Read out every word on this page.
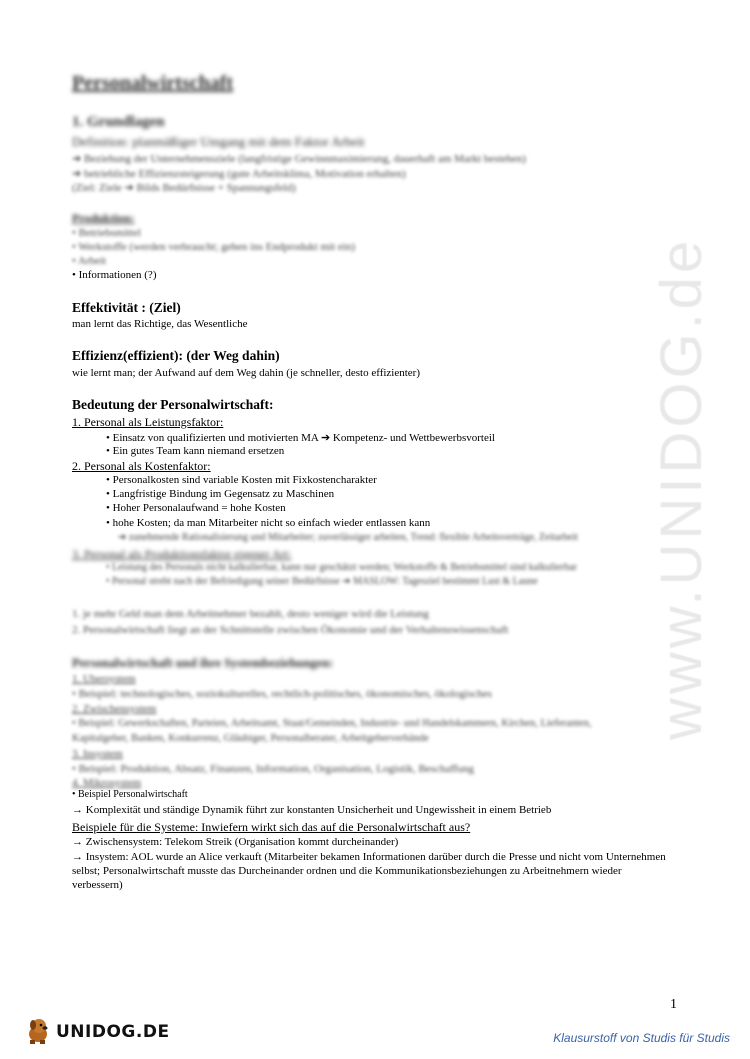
www.UNIDOG.de
Personalwirtschaft
1. Grundlagen
Definition: planmäßiger Umgang mit dem Faktor Arbeit
➔ Beziehung der Unternehmensziele (langfristige Gewinnmaximierung, dauerhaft am Markt bestehen)
➔ betriebliche Effizienzsteigerung (gute Arbeitsklima, Motivation erhalten)
(Ziel: Ziele ➔ Bilds Bedürfnisse + Spannungsfeld)
Produktion:
• Betriebsmittel
• Werkstoffe (werden verbraucht; gehen ins Endprodukt mit ein)
• Arbeit
• Informationen (?)
Effektivität : (Ziel)
man lernt das Richtige, das Wesentliche
Effizienz(effizient): (der Weg dahin)
wie lernt man; der Aufwand auf dem Weg dahin (je schneller, desto effizienter)
Bedeutung der Personalwirtschaft:
1. Personal als Leistungsfaktor:
• Einsatz von qualifizierten und motivierten MA ➔ Kompetenz- und Wettbewerbsvorteil
• Ein gutes Team kann niemand ersetzen
2. Personal als Kostenfaktor:
• Personalkosten sind variable Kosten mit Fixkostencharakter
• Langfristige Bindung im Gegensatz zu Maschinen
• Hoher Personalaufwand = hohe Kosten
• hohe Kosten; da man Mitarbeiter nicht so einfach wieder entlassen kann
➔ zunehmende Rationalisierung und Mitarbeiter; zuverlässiger arbeiten, Trend: flexible Arbeitsverträge, Zeitarbeit
3. Personal als Produktionsfaktor eigener Art:
• Leistung des Personals nicht kalkulierbar, kann nur geschätzt werden; Werkstoffe & Betriebsmittel sind kalkulierbar
• Personal strebt nach der Befriedigung seiner Bedürfnisse ➔ MASLOW: Tagesziel bestimmt Lust & Laune
1. je mehr Geld man dem Arbeitnehmer bezahlt, desto weniger wird die Leistung
2. Personalwirtschaft liegt an der Schnittstelle zwischen Ökonomie und der Verhaltenswissenschaft
Personalwirtschaft und ihre Systembeziehungen:
1. Ubersystem
• Beispiel: technologisches, soziokulturelles, rechtlich-politisches, ökonomisches, ökologisches
2. Zwischensystem
• Beispiel: Gewerkschaften, Parteien, Arbeitsamt, Staat/Gemeinden, Industrie- und Handelskammern, Kirchen, Lieferanten,
Kapitalgeber, Banken, Konkurrenz, Gläubiger, Personalberater, Arbeitgeberverbände
3. Insystem
• Beispiel: Produktion, Absatz, Finanzen, Information, Organisation, Logistik, Beschaffung
4. Mikrosystem
• Beispiel Personalwirtschaft
→ Komplexität und ständige Dynamik führt zur konstanten Unsicherheit und Ungewissheit in einem Betrieb
Beispiele für die Systeme: Inwiefern wirkt sich das auf die Personalwirtschaft aus?
→ Zwischensystem: Telekom Streik (Organisation kommt durcheinander)
→ Insystem: AOL wurde an Alice verkauft (Mitarbeiter bekamen Informationen darüber durch die Presse und nicht vom Unternehmen selbst; Personalwirtschaft musste das Durcheinander ordnen und die Kommunikationsbeziehungen zu Arbeitnehmern wieder verbessern)
1
UNIDOG.DE	Klausurstoff von Studis für Studis
